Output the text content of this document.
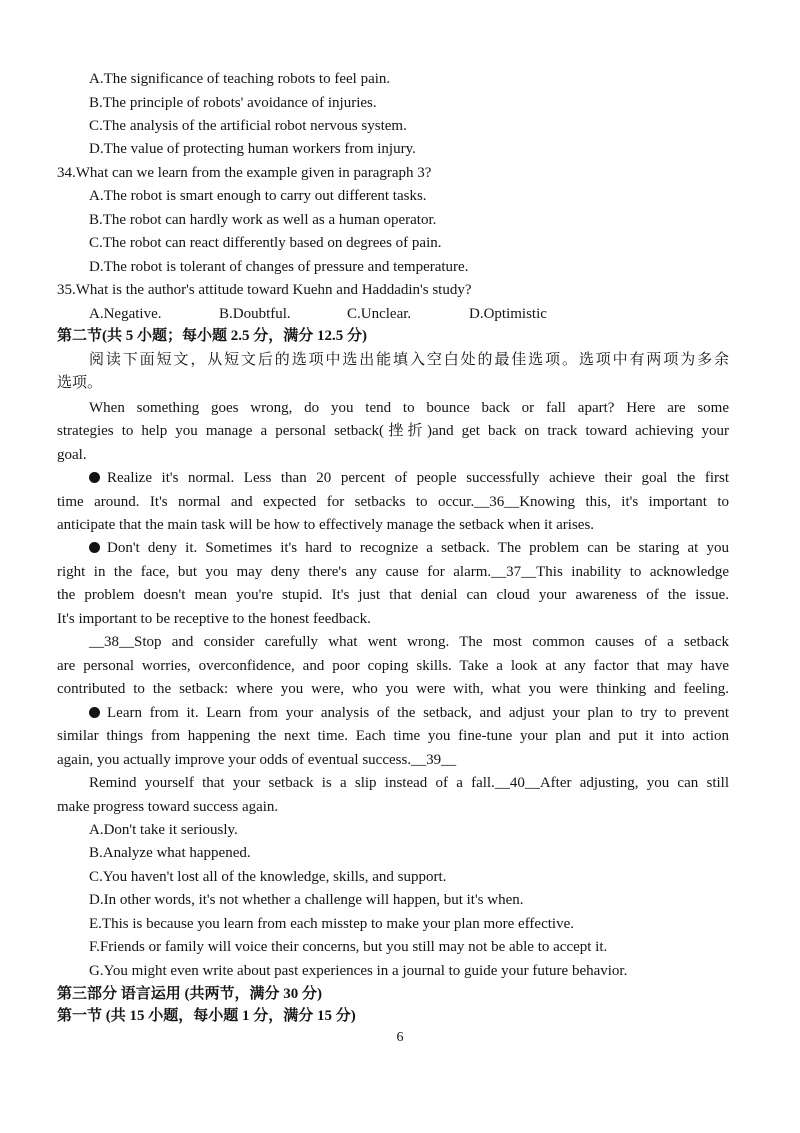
A.The significance of teaching robots to feel pain.
B.The principle of robots' avoidance of injuries.
C.The analysis of the artificial robot nervous system.
D.The value of protecting human workers from injury.
34.What can we learn from the example given in paragraph 3?
A.The robot is smart enough to carry out different tasks.
B.The robot can hardly work as well as a human operator.
C.The robot can react differently based on degrees of pain.
D.The robot is tolerant of changes of pressure and temperature.
35.What is the author's attitude toward Kuehn and Haddadin's study?
A.Negative.	B.Doubtful.	C.Unclear.	D.Optimistic
第二节(共 5 小题；每小题 2.5 分，满分 12.5 分)
阅读下面短文，从短文后的选项中选出能填入空白处的最佳选项。选项中有两项为多余
选项。
When something goes wrong, do you tend to bounce back or fall apart? Here are some
strategies to help you manage a personal setback(挫折)and get back on track toward achieving your
goal.
Realize it's normal. Less than 20 percent of people successfully achieve their goal the first
time around. It's normal and expected for setbacks to occur.__36__Knowing this, it's important to
anticipate that the main task will be how to effectively manage the setback when it arises.
Don't deny it. Sometimes it's hard to recognize a setback. The problem can be staring at you
right in the face, but you may deny there's any cause for alarm.__37__This inability to acknowledge
the problem doesn't mean you're stupid. It's just that denial can cloud your awareness of the issue.
It's important to be receptive to the honest feedback.
__38__Stop and consider carefully what went wrong. The most common causes of a setback
are personal worries, overconfidence, and poor coping skills. Take a look at any factor that may have
contributed to the setback: where you were, who you were with, what you were thinking and feeling.
Learn from it. Learn from your analysis of the setback, and adjust your plan to try to prevent
similar things from happening the next time. Each time you fine-tune your plan and put it into action
again, you actually improve your odds of eventual success.__39__
Remind yourself that your setback is a slip instead of a fall.__40__After adjusting, you can still
make progress toward success again.
A.Don't take it seriously.
B.Analyze what happened.
C.You haven't lost all of the knowledge, skills, and support.
D.In other words, it's not whether a challenge will happen, but it's when.
E.This is because you learn from each misstep to make your plan more effective.
F.Friends or family will voice their concerns, but you still may not be able to accept it.
G.You might even write about past experiences in a journal to guide your future behavior.
第三部分 语言运用 (共两节，满分 30 分)
第一节 (共 15 小题，每小题 1 分，满分 15 分)
6
